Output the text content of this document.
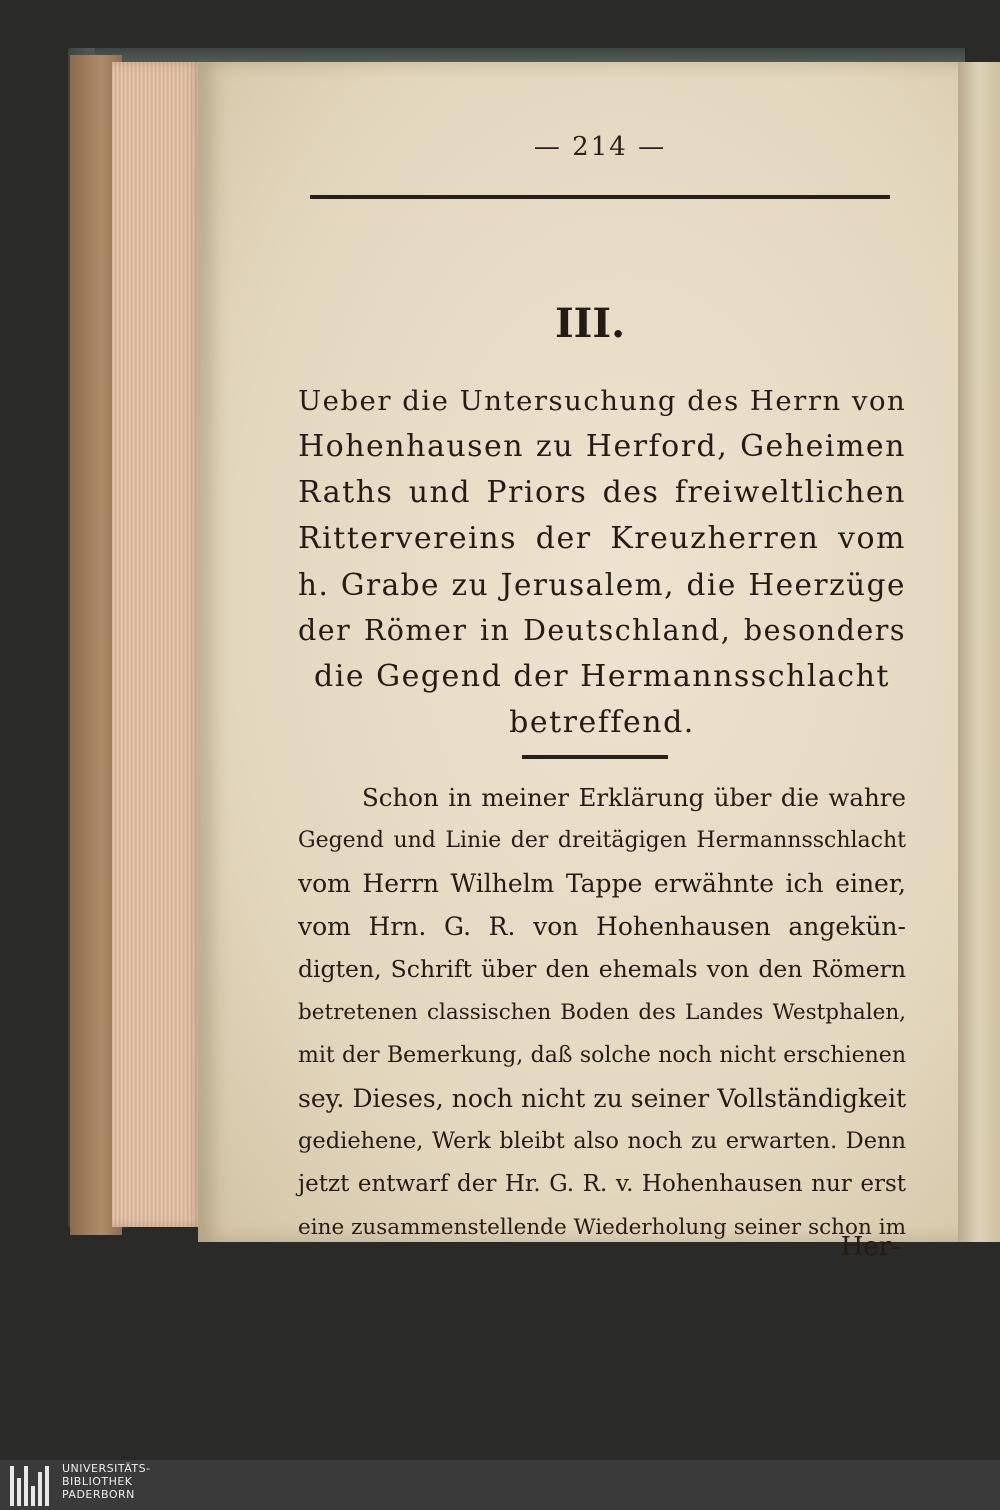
— 214 —
III.
Ueber die Untersuchung des Herrn von
Hohenhausen zu Herford, Geheimen
Raths und Priors des freiweltlichen
Rittervereins der Kreuzherren vom
h. Grabe zu Jerusalem, die Heerzüge
der Römer in Deutschland, besonders
die Gegend der Hermannsschlacht
betreffend.
Schon in meiner Erklärung über die wahre
Gegend und Linie der dreitägigen Hermannsschlacht
vom Herrn Wilhelm Tappe erwähnte ich einer,
vom Hrn. G. R. von Hohenhausen angekün-
digten, Schrift über den ehemals von den Römern
betretenen classischen Boden des Landes Westphalen,
mit der Bemerkung, daß solche noch nicht erschienen
sey. Dieses, noch nicht zu seiner Vollständigkeit
gediehene, Werk bleibt also noch zu erwarten. Denn
jetzt entwarf der Hr. G. R. v. Hohenhausen nur erst
eine zusammenstellende Wiederholung seiner schon im
Her-
UNIVERSITÄTS-
BIBLIOTHEK
PADERBORN
